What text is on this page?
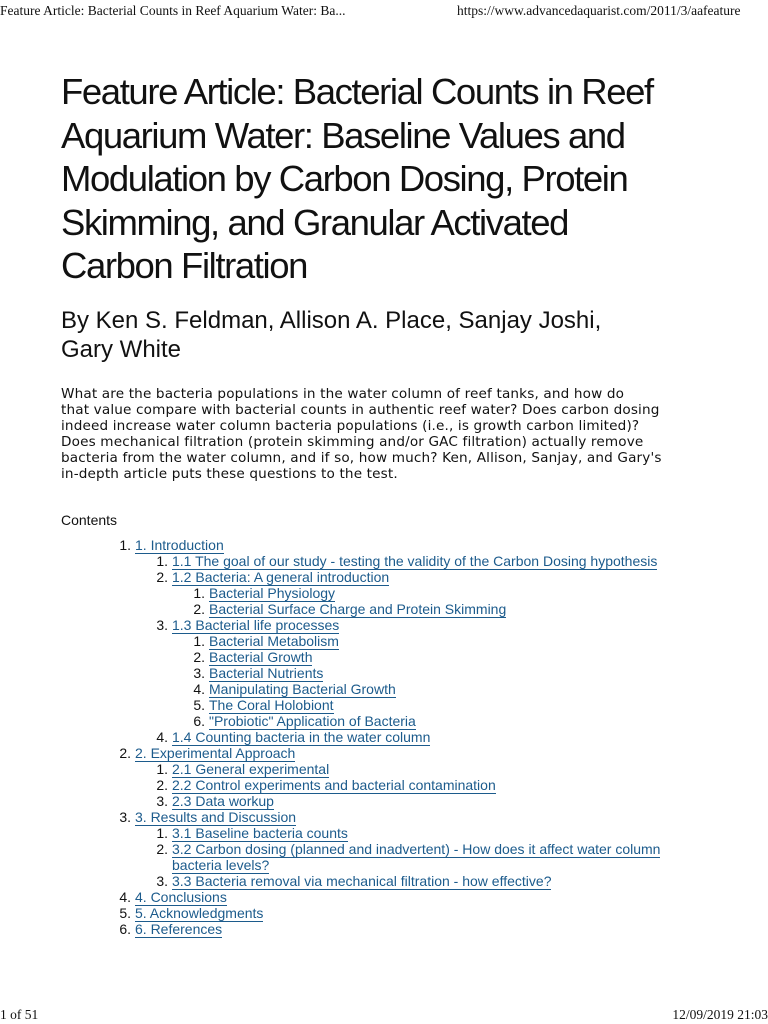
Feature Article: Bacterial Counts in Reef Aquarium Water: Ba...	https://www.advancedaquarist.com/2011/3/aafeature
Feature Article: Bacterial Counts in Reef
Aquarium Water: Baseline Values and
Modulation by Carbon Dosing, Protein
Skimming, and Granular Activated
Carbon Filtration

By Ken S. Feldman, Allison A. Place, Sanjay Joshi,
Gary White

What are the bacteria populations in the water column of reef tanks, and how do
that value compare with bacterial counts in authentic reef water? Does carbon dosing
indeed increase water column bacteria populations (i.e., is growth carbon limited)?
Does mechanical filtration (protein skimming and/or GAC filtration) actually remove
bacteria from the water column, and if so, how much? Ken, Allison, Sanjay, and Gary's
in-depth article puts these questions to the test.
Contents
1. 1. Introduction
1. 1.1 The goal of our study - testing the validity of the Carbon Dosing hypothesis
2. 1.2 Bacteria: A general introduction
1. Bacterial Physiology
2. Bacterial Surface Charge and Protein Skimming
3. 1.3 Bacterial life processes
1. Bacterial Metabolism
2. Bacterial Growth
3. Bacterial Nutrients
4. Manipulating Bacterial Growth
5. The Coral Holobiont
6. "Probiotic" Application of Bacteria
4. 1.4 Counting bacteria in the water column
2. 2. Experimental Approach
1. 2.1 General experimental
2. 2.2 Control experiments and bacterial contamination
3. 2.3 Data workup
3. 3. Results and Discussion
1. 3.1 Baseline bacteria counts
2. 3.2 Carbon dosing (planned and inadvertent) - How does it affect water column
bacteria levels?
3. 3.3 Bacteria removal via mechanical filtration - how effective?
4. 4. Conclusions
5. 5. Acknowledgments
6. 6. References
1 of 51	12/09/2019 21:03
